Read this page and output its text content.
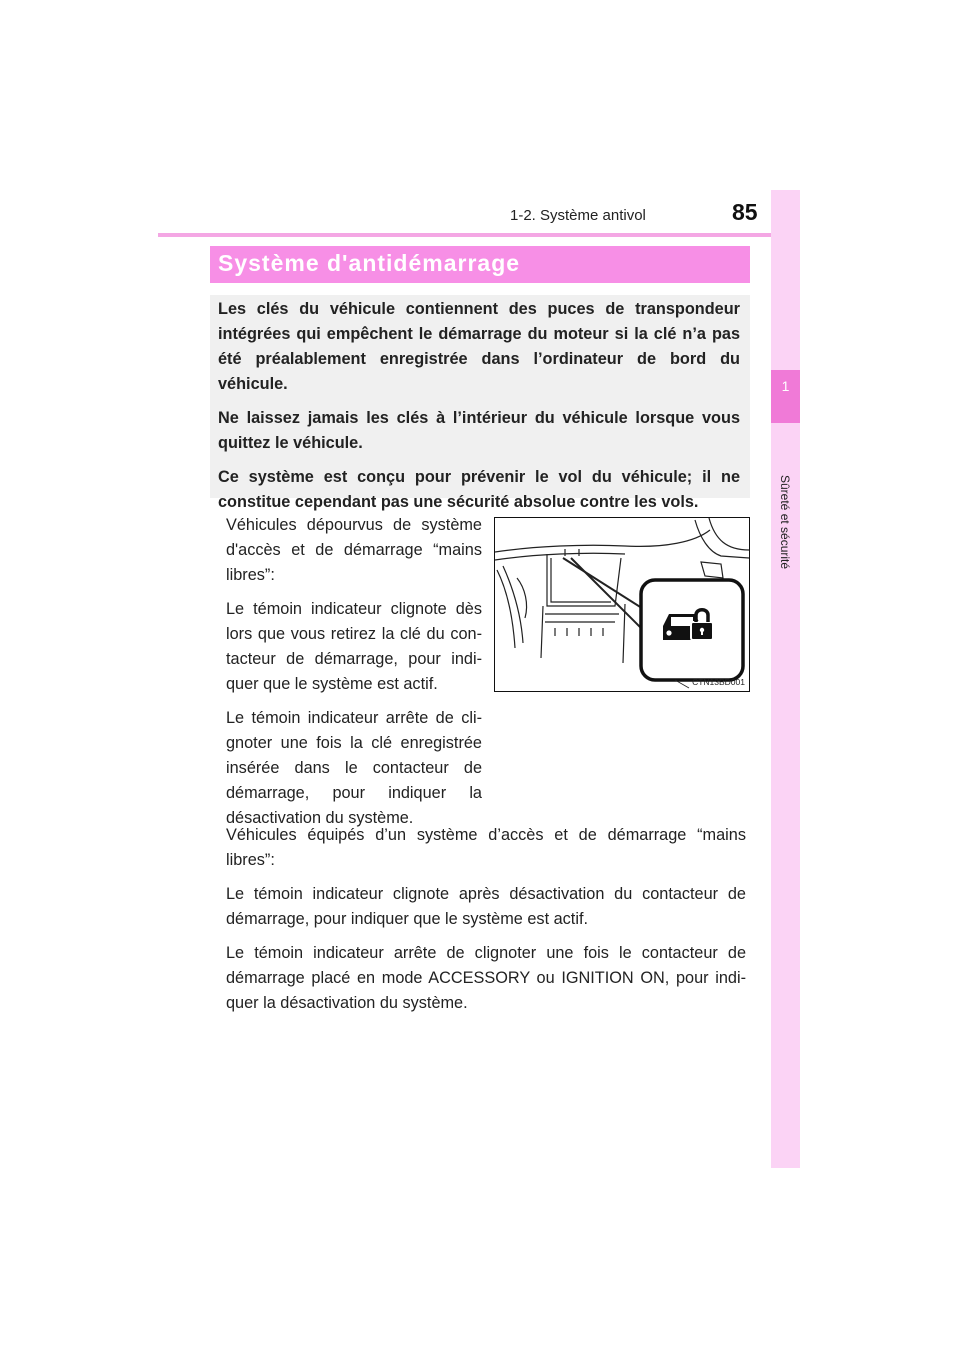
1-2. Système antivol	85
1
Sûreté et sécurité
Système d'antidémarrage

Les clés du véhicule contiennent des puces de transpondeur intégrées qui empêchent le démarrage du moteur si la clé n’a pas été préalablement enregistrée dans l’ordinateur de bord du véhicule.

Ne laissez jamais les clés à l’intérieur du véhicule lorsque vous quittez le véhicule.

Ce système est conçu pour prévenir le vol du véhicule; il ne constitue cependant pas une sécurité absolue contre les vols.

Véhicules dépourvus de système d'accès et de démarrage “mains libres”:

Le témoin indicateur clignote dès lors que vous retirez la clé du con-tacteur de démarrage, pour indi-quer que le système est actif.

Le témoin indicateur arrête de cli-gnoter une fois la clé enregistrée insérée dans le contacteur de démarrage, pour indiquer la désactivation du système.

CTN13BD001

Véhicules équipés d’un système d’accès et de démarrage “mains libres”:

Le témoin indicateur clignote après désactivation du contacteur de démarrage, pour indiquer que le système est actif.

Le témoin indicateur arrête de clignoter une fois le contacteur de démarrage placé en mode ACCESSORY ou IGNITION ON, pour indi-quer la désactivation du système.
